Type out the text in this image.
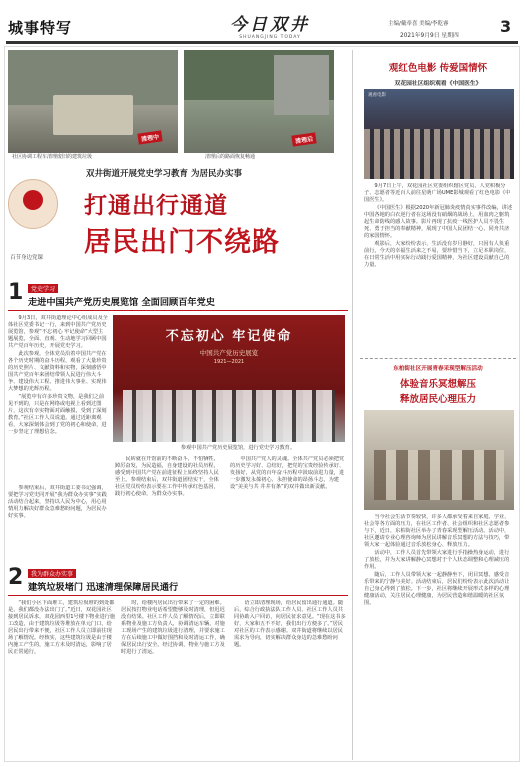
城事特写	今日双井
SHUANGJING TODAY
主编/戴牵喜 美编/李乾睿
2021年9月9日 星期四	3
清理中	清理后
社区协调工程车清理废旧的建筑垃圾	清理后的路面恢复畅通
百节身边党课
双井街道开展党史学习教育 为居民办实事
打通出行通道
居民出门不绕路
1	党史学习
走进中国共产党历史展览馆 全面回顾百年党史

9月3日，双井街道理论中心组成员及全体社区党委书记一行，来到中国共产党历史展览馆，参观“不忘初心 牢记使命”大型主题展览，全面、直观、生动地学习回顾中国共产党百年历史，开展党史学习。

此次参观，全体党员沿着中国共产党在各个历史时期的奋斗历程，观看了大量珍贵的历史照片、文献资料和实物，深刻感悟中国共产党百年来团结带领人民进行伟大斗争、建设伟大工程、推进伟大事业、实现伟大梦想的光辉历程。

“展览中有许多珍贵文物，是我们之前见不到的，只是在网络或电视上看到过图片，这次有幸实物面对面触摸，受到了深刻教育。”社区工作人员说道。通过近距离观看，大家深刻体会到了党的初心和使命，进一步坚定了理想信念。

不忘初心 牢记使命
中国共产党历史展览
1921—2021
参观中国共产党历史展览馆，进行党史学习教育。

参观结束后，双井街道工委书记强调，要把学习党史同开展“我为群众办实事”实践活动结合起来，坚持以人民为中心，用心用情用力解决好群众急难愁盼问题，为居民办好实事。

民砖就在开馆前的不断奋斗，不怕牺牲，踔厉奋发，为民造福，自身建设的社员历程，感受到中国共产党在前进征程上始终坚持人民至上。参观结束后，双井街道团结实干，全体社区党员纷纷表示要在工作中传承红色基因，践行初心使命，为群众办实事。

中国共产党人的灵魂。全体共产党员必须把党的历史学习好、总结好，把党的宝贵经验传承好、发扬好，从党的百年奋斗历程中汲取前进力量，进一步激发永葆初心、永担使命的昂扬斗志，为建设“美美与共 井井有条”的双井做出新贡献。

2	我为群众办实事
建筑垃圾堵门 迅速清理保障居民通行

“我们小区下面堆工，建筑垃圾堆的到处都是，我们都没办法出门了。”近日，双花园社区接到居民诉求，双花园西里1号楼下物业进行施工改造，由于建筑垃圾等堆放在单元门口，给居民出行带来不便，社区工作人员立即前往现场了解情况。经核实，这些建筑垃圾是由于楼内施工产生的，施工方未及时清运，影响了居民正常通行。

时，给楼内居民出行带来了一定的困难。居民按打物业电话希望能够及时清理，但迟迟没有结果。社区工作人员了解情况后，立即联系物业及施工方负责人，协调清运车辆，对施工现场产生的建筑垃圾进行清理，并要求施工方在后续施工中做好围挡和及时清运工作，确保居民出行安全。经过协调，物业与施工方及时进行了清运。

语立即清理现场，给居民留出通行通道。随后，综合行政执法队工作人员、社区工作人员共同协助入户回访，向居民征求意见。“现在这书多好，大家和五不不好，我们出行方便多了。”居民对社区的工作表示感谢。双井街道将继续以居民需求为导向，切实解决群众身边的急难愁盼问题。

观红色电影 传爱国情怀
双花园社区组织观看《中国医生》
观看电影

9月7日上午，双花园社区党委组织辖区党员、人党积极分子、志愿者等近百人前往星萌广场UME影城观看了红色电影《中国医生》。

《中国医生》根据2020年新冠肺炎疫情真实事件改编，讲述中国各地的白衣逆行者在这场没有硝烟的战场上，用血肉之躯筑起生命防线的感人故事。影片再现了抗疫一线医护人员不畏生死、勇于担当的奉献精神，展现了中国人民团结一心、同舟共济的家国情怀。

观影后，大家纷纷表示，生活没有岁月静好，只因有人负重前行，今天的幸福生活来之不易，要珍惜当下，立足本职岗位，在日常生活中用实际行动践行爱国精神，为社区建设贡献自己的力量。

东柏街社区开展青春采现型解压活动
体验音乐冥想解压
释放居民心理压力

当今社会生活节奏较快，许多人都承受着来自家庭、学业、社会等各方面的压力，在社区工作者、社会组织和社区志愿者参与下，近日，东柏街社区举办了青春采现型解压活动。活动中，社区邀请专业心理咨询师为居民讲解音乐冥想的方法与技巧，带领大家一起体验通过音乐放松身心、释放压力。

活动中，工作人员首先带领大家进行手指操热身运动，进行了放松，并为大家讲解静心冥想对于个人状态调整和心理减压的作用。

随后，工作人员带领大家一起静静坐下，闭目冥想，感受音乐带来的宁静与美好。活动结束后，居民们纷纷表示此次活动让自己身心得到了放松。下一步，社区将继续开展形式多样的心理健康活动，关注居民心理健康，为居民营造和谐温暖的社区氛围。
